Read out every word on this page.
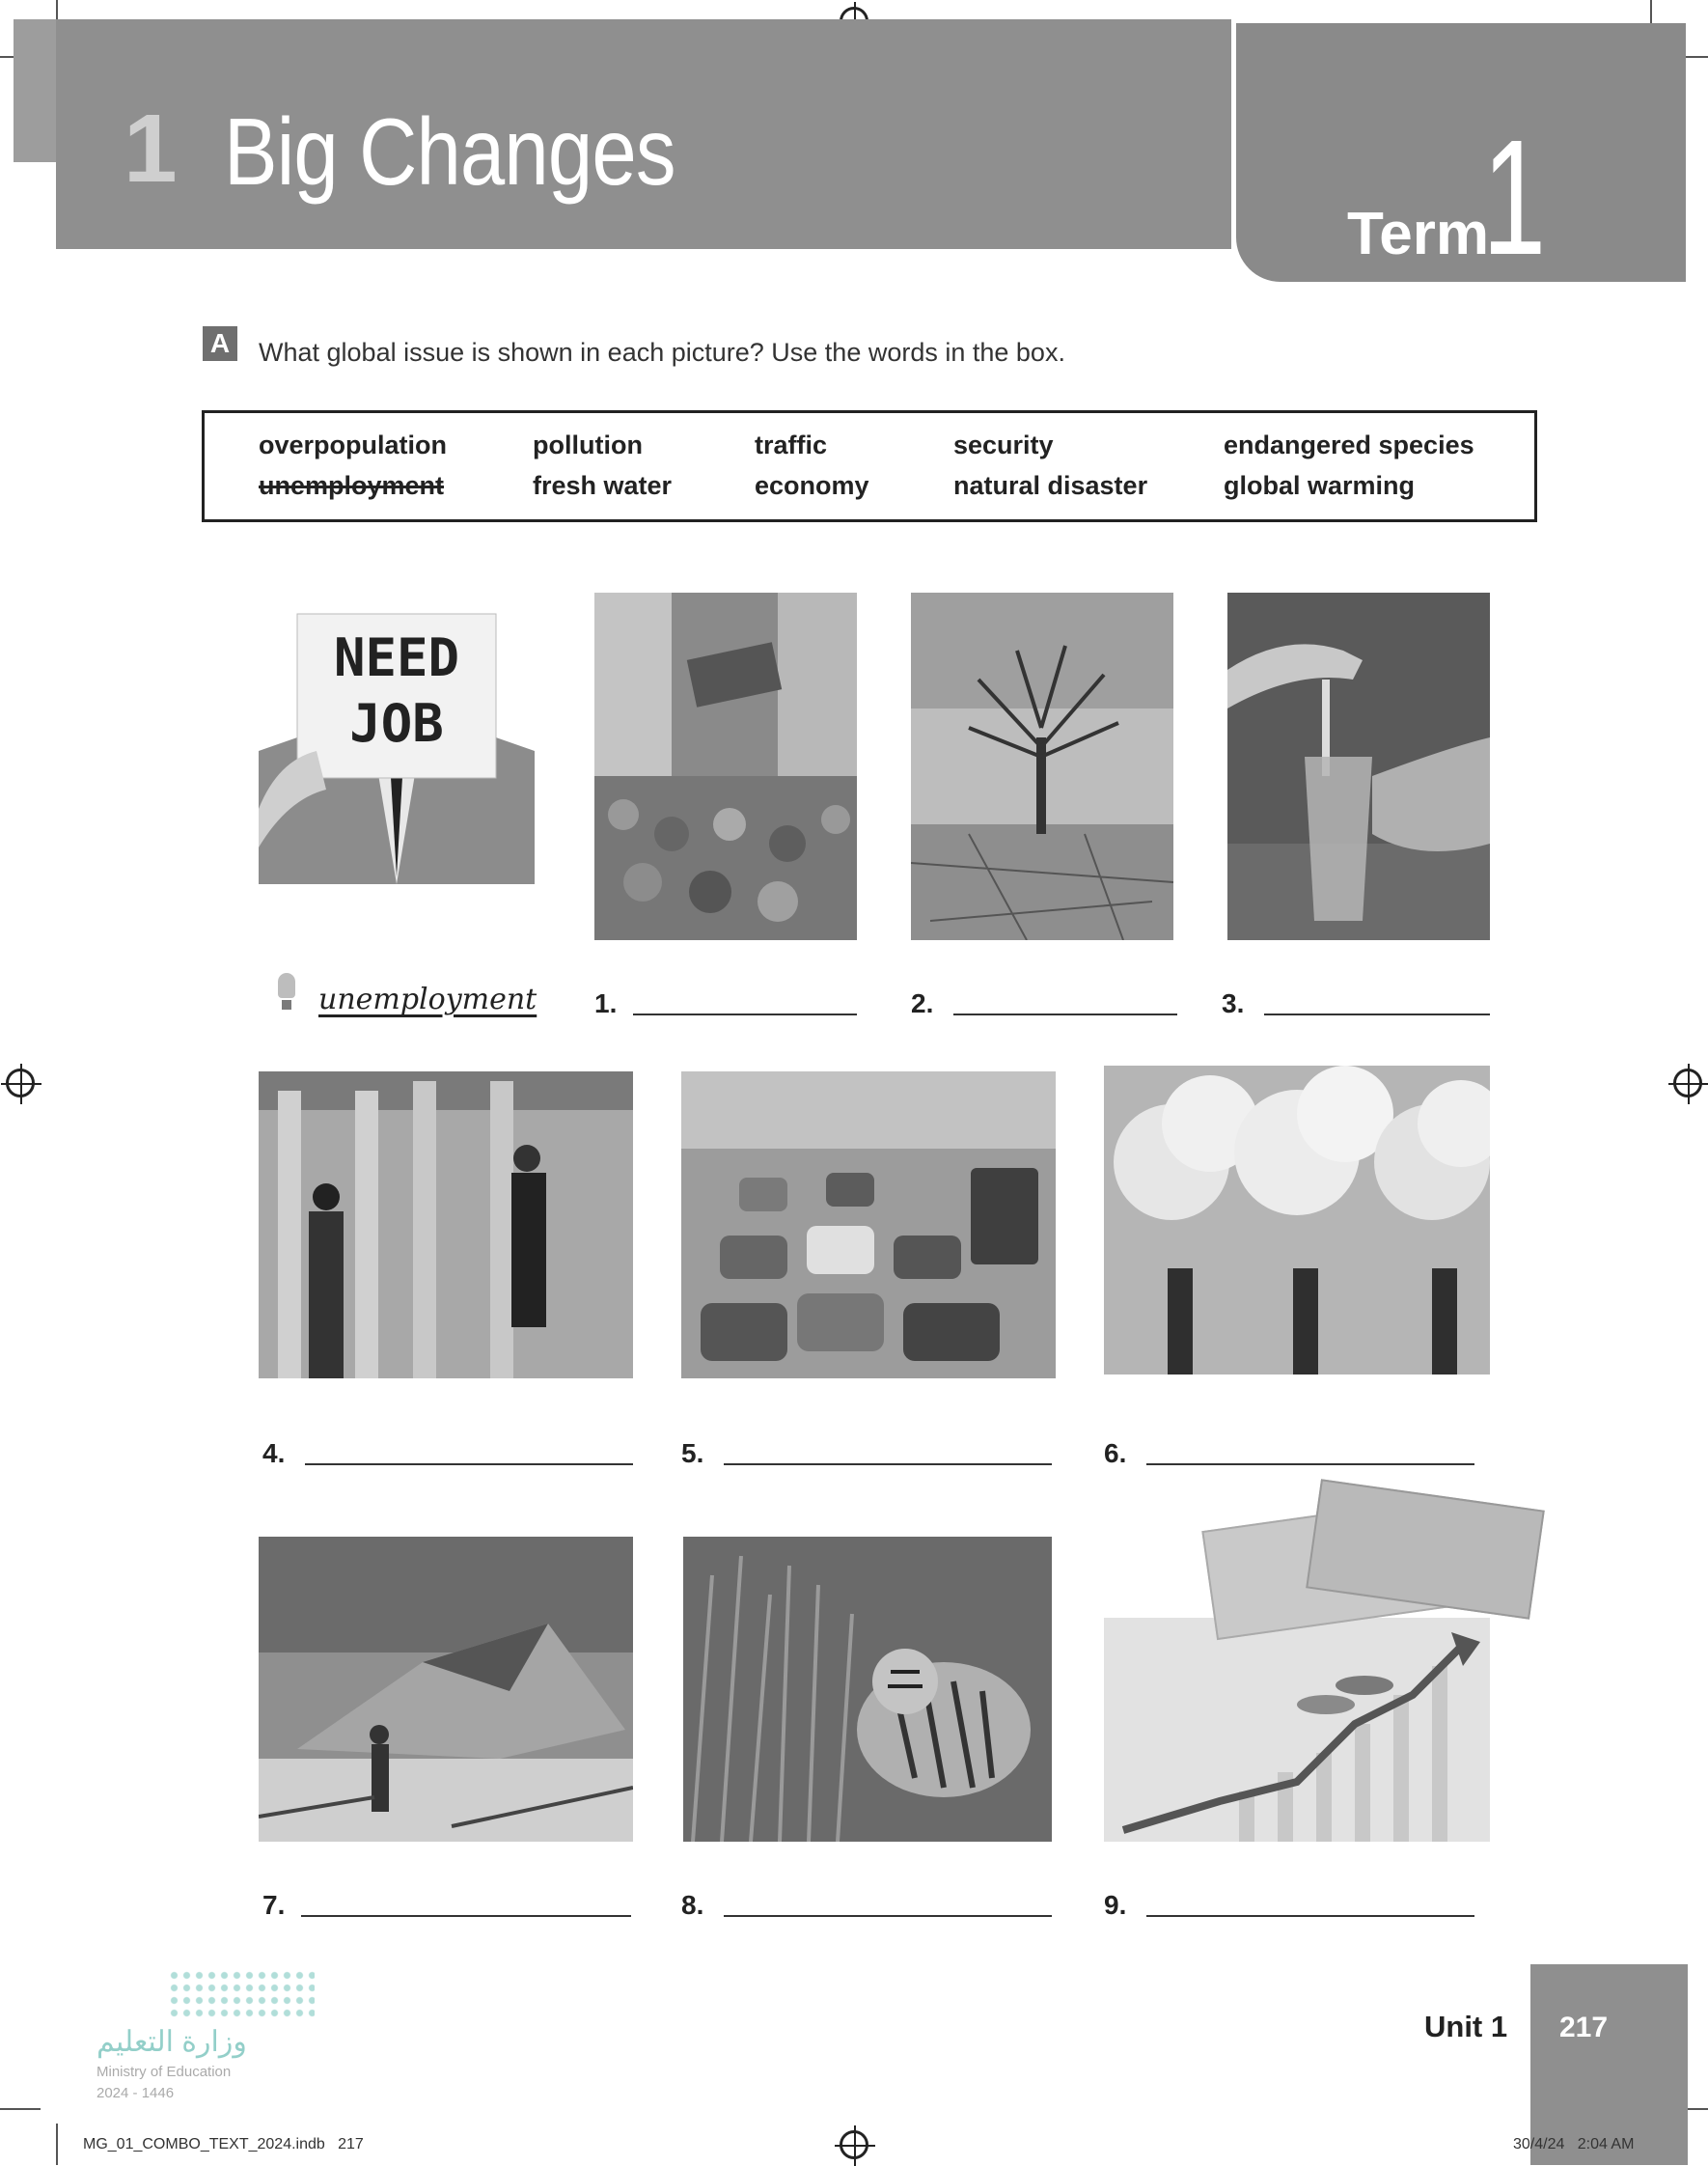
1 Big Changes
Term
1
A What global issue is shown in each picture? Use the words in the box.
overpopulation	pollution	traffic	security	endangered species
unemployment	fresh water	economy	natural disaster	global warming
NEED
JOB
unemployment 1.	2.	3.
4.	5.	6.
7.	8.	9.
وزارة التعليم
Ministry of Education
2024 - 1446
Unit 1 217
MG_01_COMBO_TEXT_2024.indb   217	30/4/24   2:04 AM
